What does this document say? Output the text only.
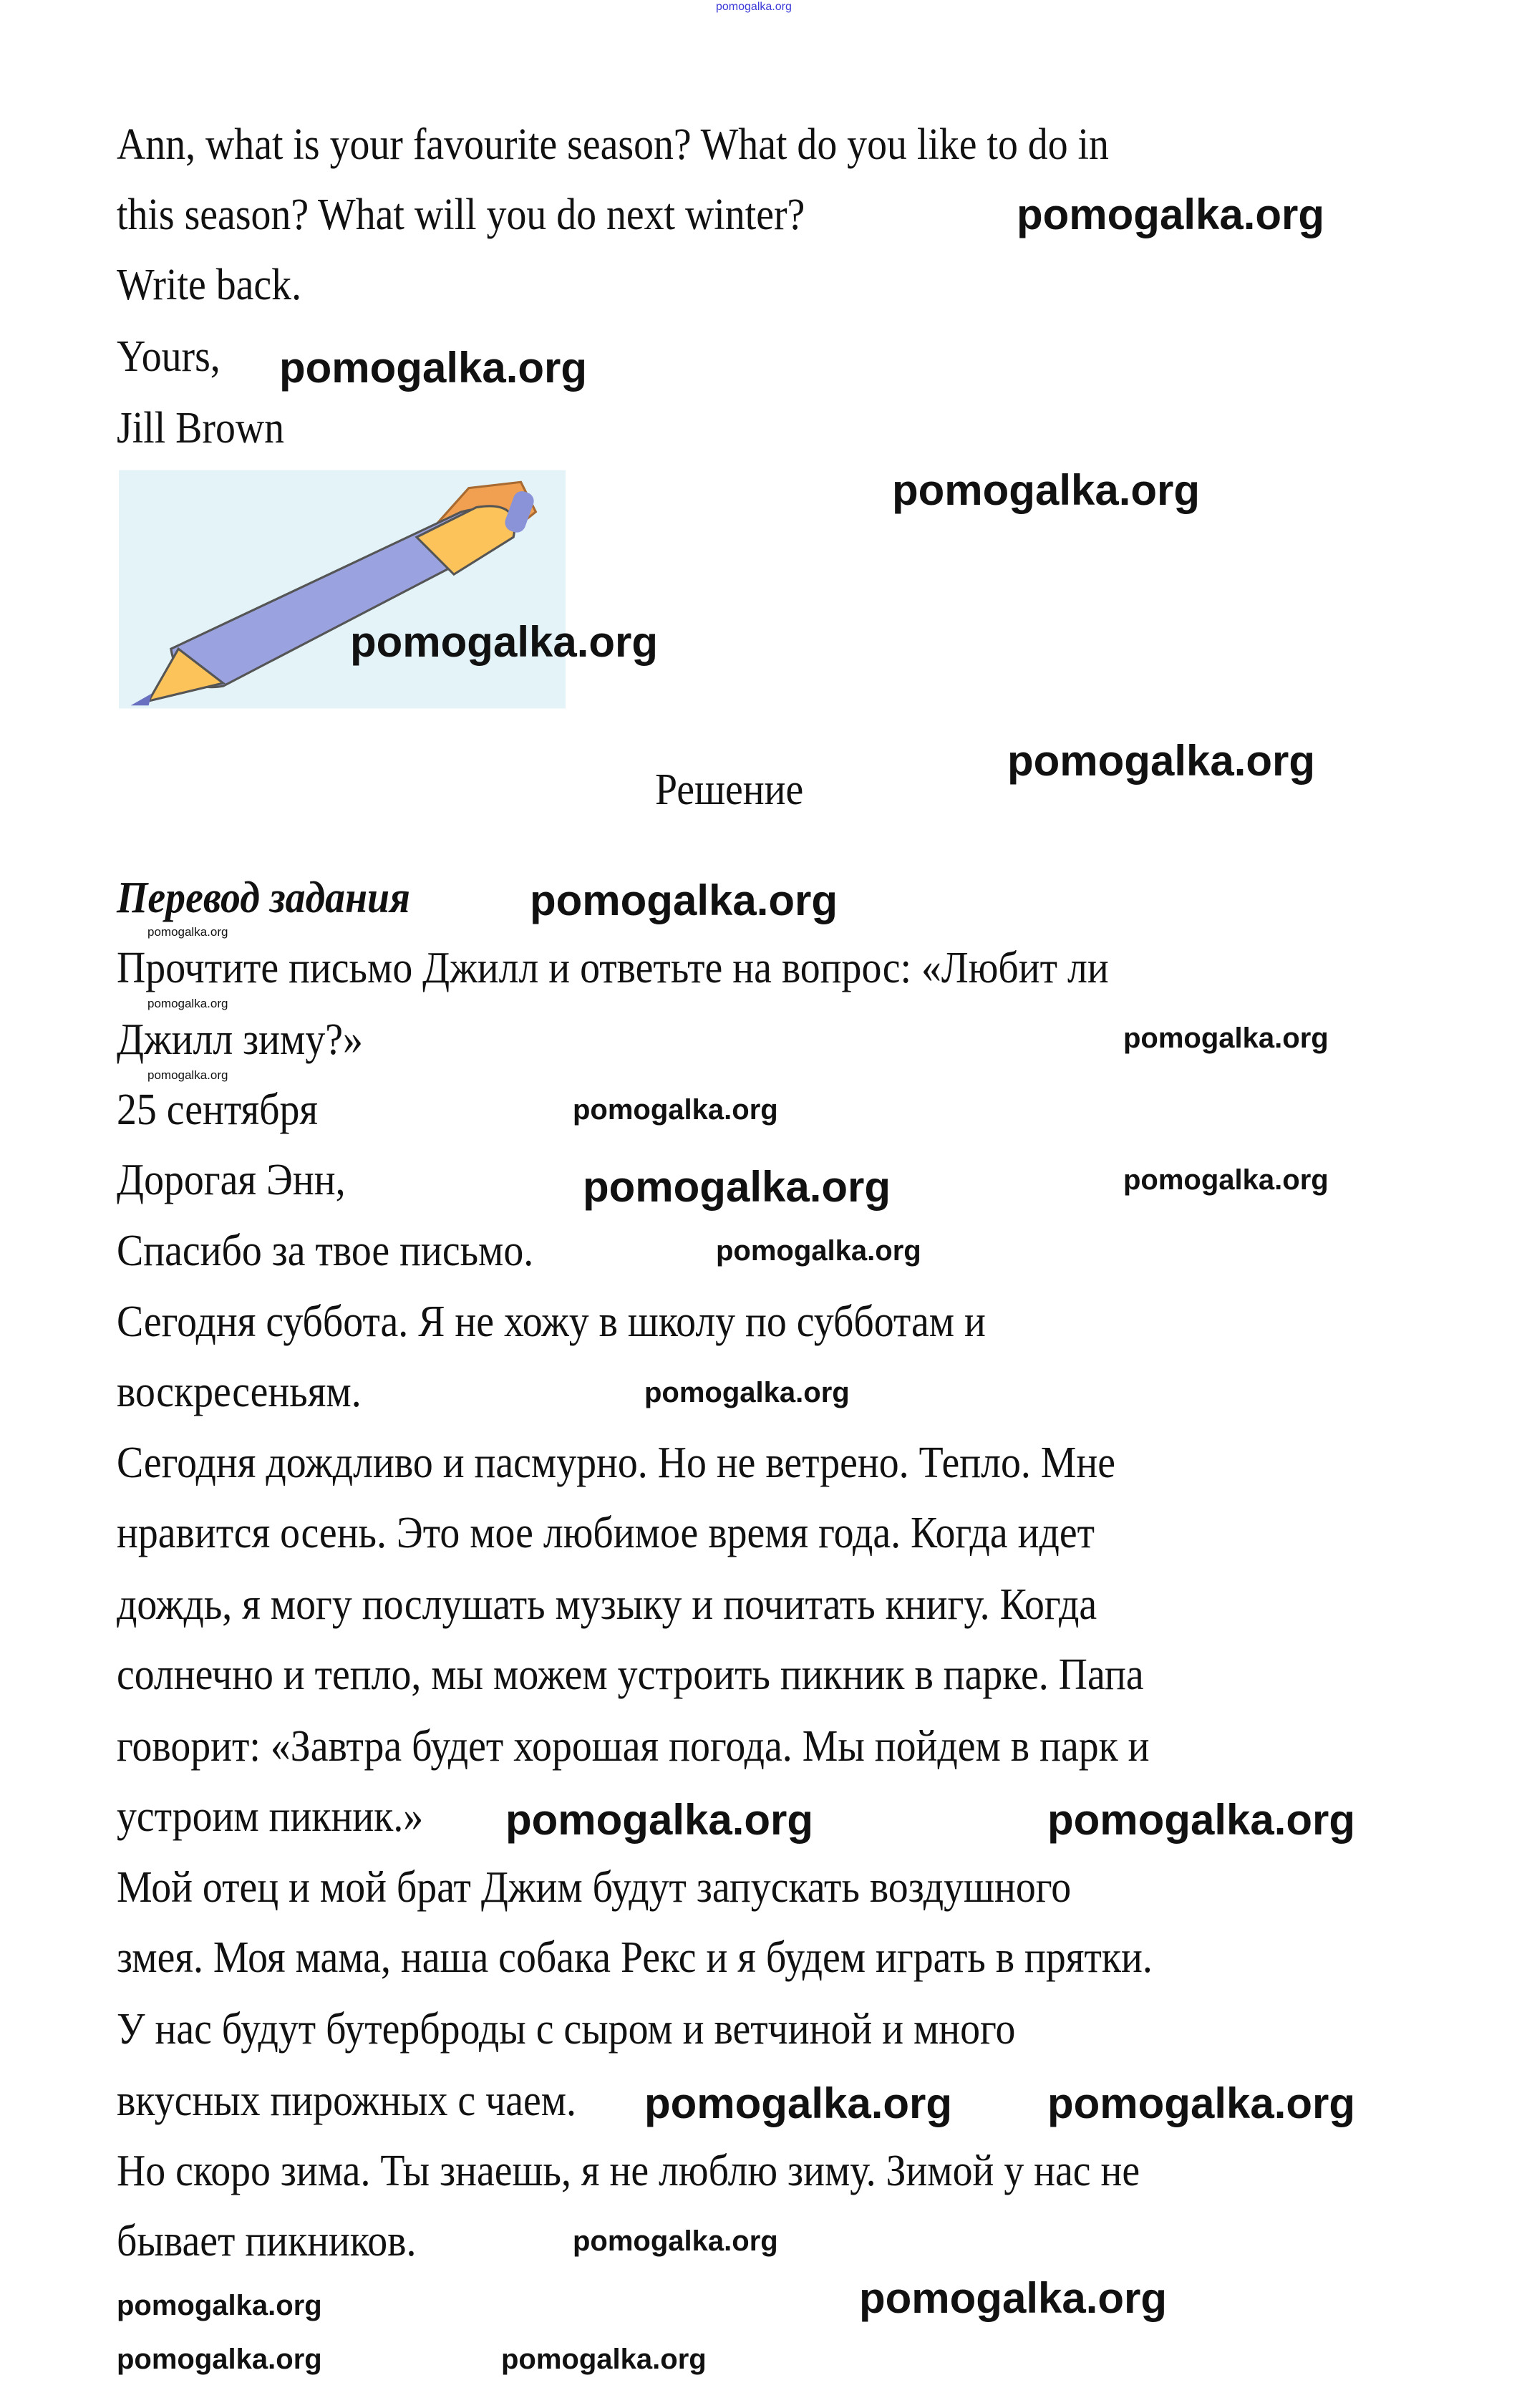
pomogalka.org
Ann, what is your favourite season? What do you like to do in
this season? What will you do next winter?
Write back.
Yours,
Jill Brown
Решение
Перевод задания
Прочтите письмо Джилл и ответьте на вопрос: «Любит ли
Джилл зиму?»
25 сентября
Дорогая Энн,
Спасибо за твое письмо.
Сегодня суббота. Я не хожу в школу по субботам и
воскресеньям.
Сегодня дождливо и пасмурно. Но не ветрено. Тепло. Мне
нравится осень. Это мое любимое время года. Когда идет
дождь, я могу послушать музыку и почитать книгу. Когда
солнечно и тепло, мы можем устроить пикник в парке. Папа
говорит: «Завтра будет хорошая погода. Мы пойдем в парк и
устроим пикник.»
Мой отец и мой брат Джим будут запускать воздушного
змея. Моя мама, наша собака Рекс и я будем играть в прятки.
У нас будут бутерброды с сыром и ветчиной и много
вкусных пирожных с чаем.
Но скоро зима. Ты знаешь, я не люблю зиму. Зимой у нас не
бывает пикников.
pomogalka.org
pomogalka.org
pomogalka.org
pomogalka.org
pomogalka.org
pomogalka.org
pomogalka.org
pomogalka.org
pomogalka.org	pomogalka.org
pomogalka.org
pomogalka.org
pomogalka.org
pomogalka.org
pomogalka.org
pomogalka.org
pomogalka.org
pomogalka.org
pomogalka.org
pomogalka.org	pomogalka.org
pomogalka.org
pomogalka.org
pomogalka.org
